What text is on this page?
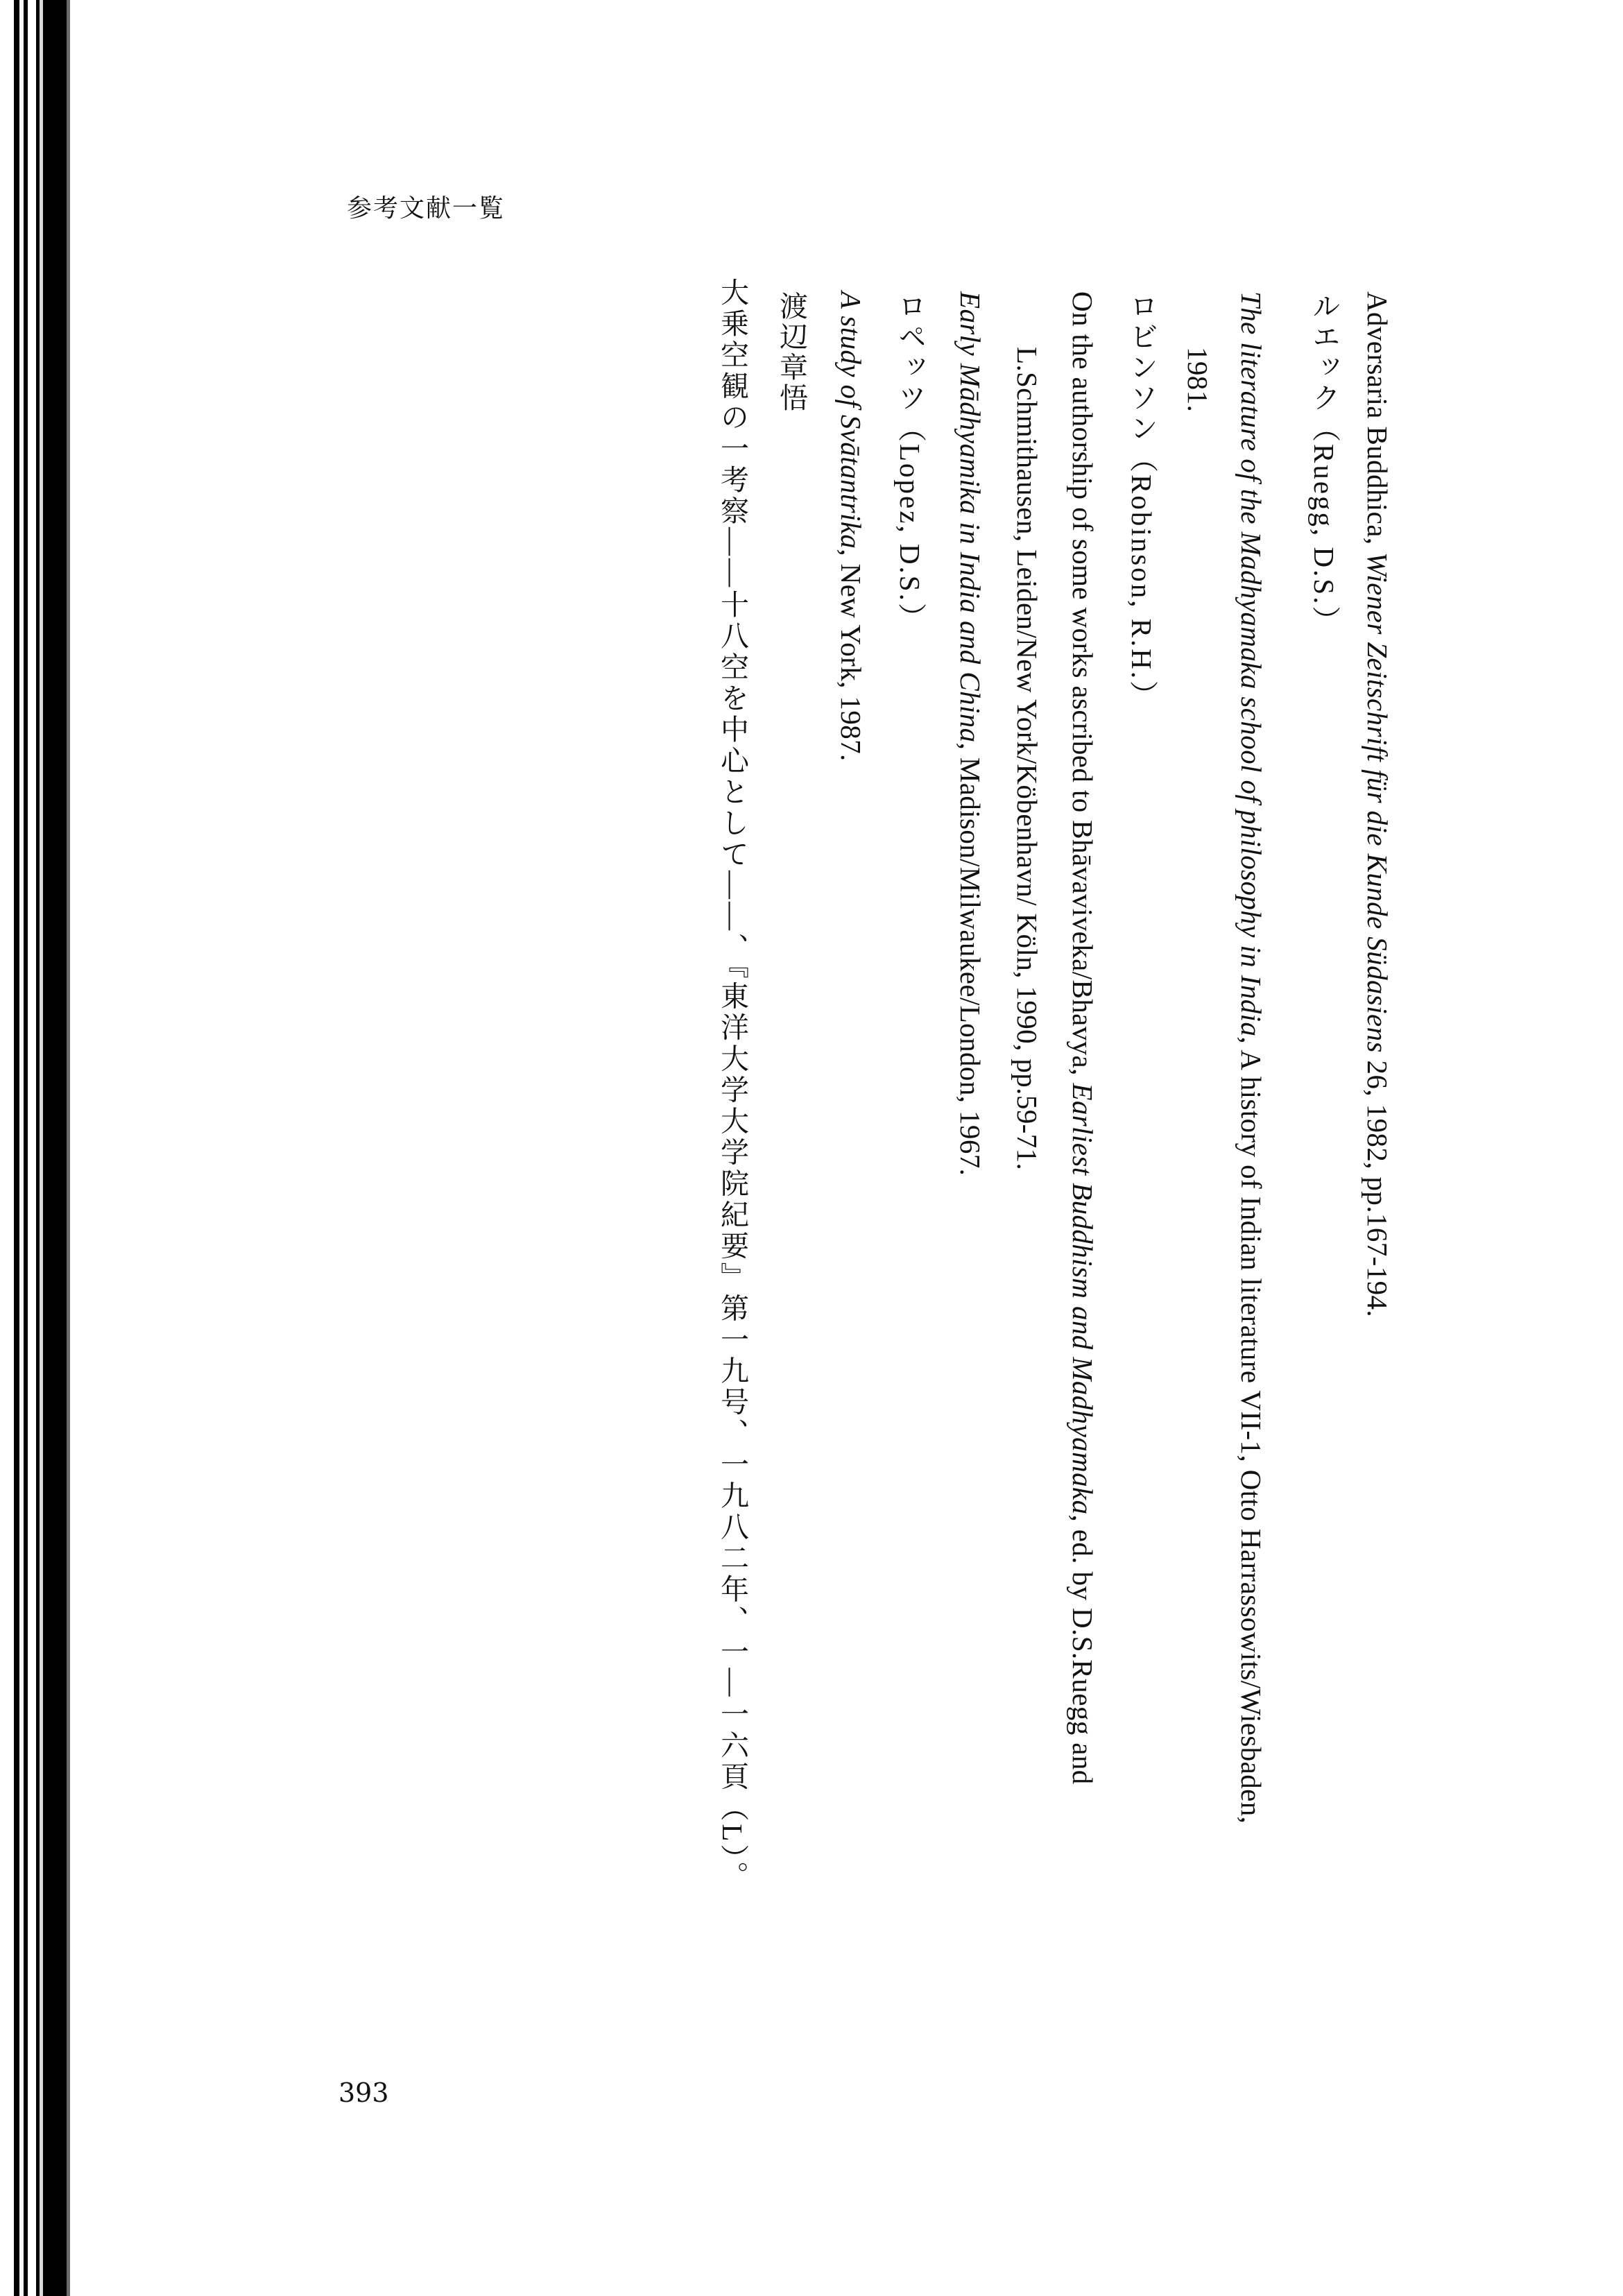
参考文献一覧
Adversaria Buddhica, Wiener Zeitschrift für die Kunde Südasiens 26, 1982, pp.167-194.
ルエック（Ruegg, D.S.）
The literature of the Madhyamaka school of philosophy in India, A history of Indian literature VII-1, Otto Harrassowits/Wiesbaden,
1981.
ロビンソン（Robinson, R.H.）
On the authorship of some works ascribed to Bhāvaviveka/Bhavya, Earliest Buddhism and Madhyamaka, ed. by D.S.Ruegg and
L.Schmithausen, Leiden/New York/Köbenhavn/ Köln, 1990, pp.59-71.
Early Mādhyamika in India and China, Madison/Milwaukee/London, 1967.
ロペッツ（Lopez, D.S.）
A study of Svātantrika, New York, 1987.
渡辺章悟
大乗空観の一考察――十八空を中心として――、『東洋大学大学院紀要』第一九号、一九八二年、一―一六頁（L）。
393
